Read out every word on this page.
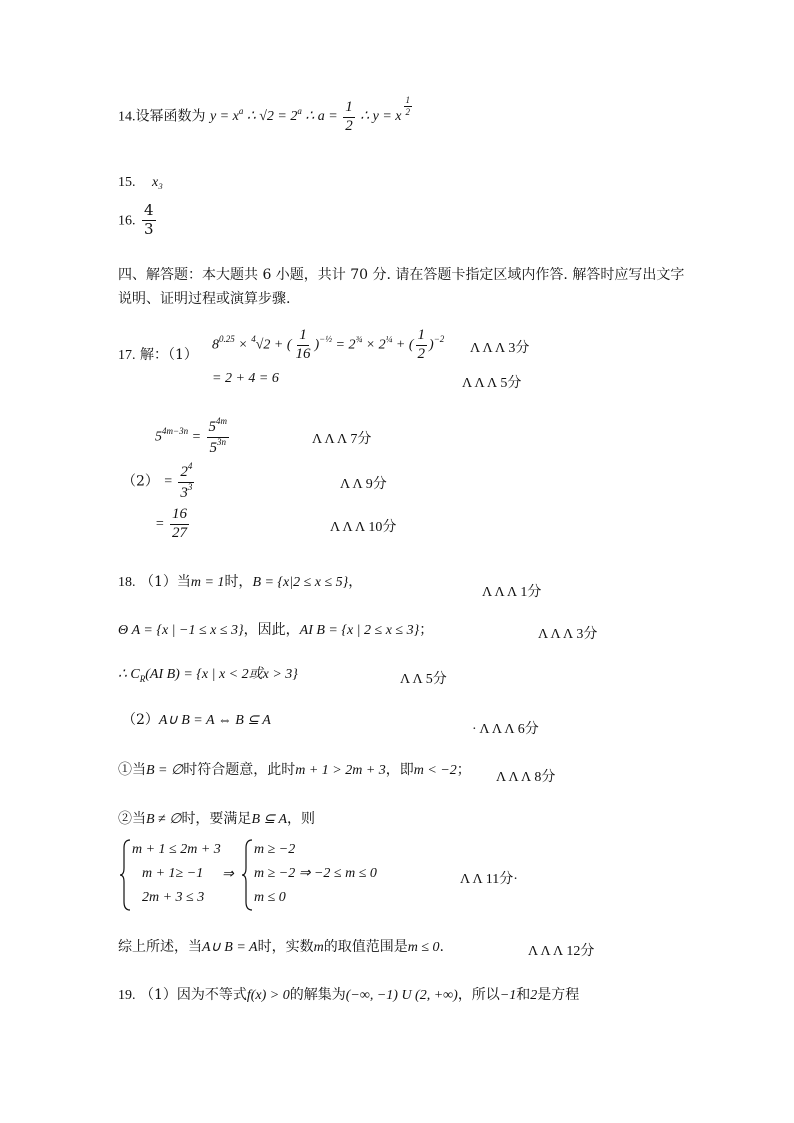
14.设幂函数为 $y = x^a$ ∴ $√2 = 2^a$ ∴ $a = \frac{1}{2}$ ∴ y = x $^{\frac{1}{2}}$
15. x₃
16. $\frac{4}{3}$
四、解答题：本大题共 6 小题，共计 70 分. 请在答题卡指定区域内作答. 解答时应写出文字
说明、证明过程或演算步骤.
17. 解：（1）
$8^{0.25} \times ^4√2$ + ( $\frac{1}{16} )^{-\frac{1}{2}} = 2^{\frac{3}{4}} \times 2^{\frac{1}{4}}$ + ( $\frac{1}{2} )^{-2}$
Λ Λ Λ 3分
= 2 + 4 = 6	Λ Λ Λ 5分
$5^{4m-3n} = \frac{5^{4m}}{5^{3n}}$	Λ Λ Λ 7分
$(2) = \frac{2^4}{3^3}$	Λ Λ 9分
= $\frac{16}{27}$	Λ Λ Λ 10分
18. （1）当m = 1时，B = {x|2 ≤ x ≤ 5}，
Λ Λ Λ 1分
Θ A = {x | −1 ≤ x ≤ 3}，因此，AI B = {x | 2 ≤ x ≤ 3}；	Λ Λ Λ 3分
∴ $C_R(AI$ B) = {x | x < 2或x > 3}	Λ Λ 5分
（2）A∪ B = A ⇔ B ⊆ A
· Λ Λ Λ 6分
①当B = ∅时符合题意，此时m + 1 > 2m + 3，即m < −2； Λ Λ Λ 8分
②当B ≠ ∅时，要满足B ⊆ A，则
m + 1 ≤ 2m + 3
m + 1≥ −1
2m + 3 ≤ 3
⇒
m ≥ −2
m ≥ −2 ⇒ −2 ≤ m ≤ 0
m ≤ 0
Λ Λ 11分·
综上所述，当A∪ B = A时，实数m的取值范围是m ≤ 0.	Λ Λ Λ 12分
19. （1）因为不等式f(x) > 0的解集为(−∞, −1) U (2, +∞)，所以−1和2是方程
